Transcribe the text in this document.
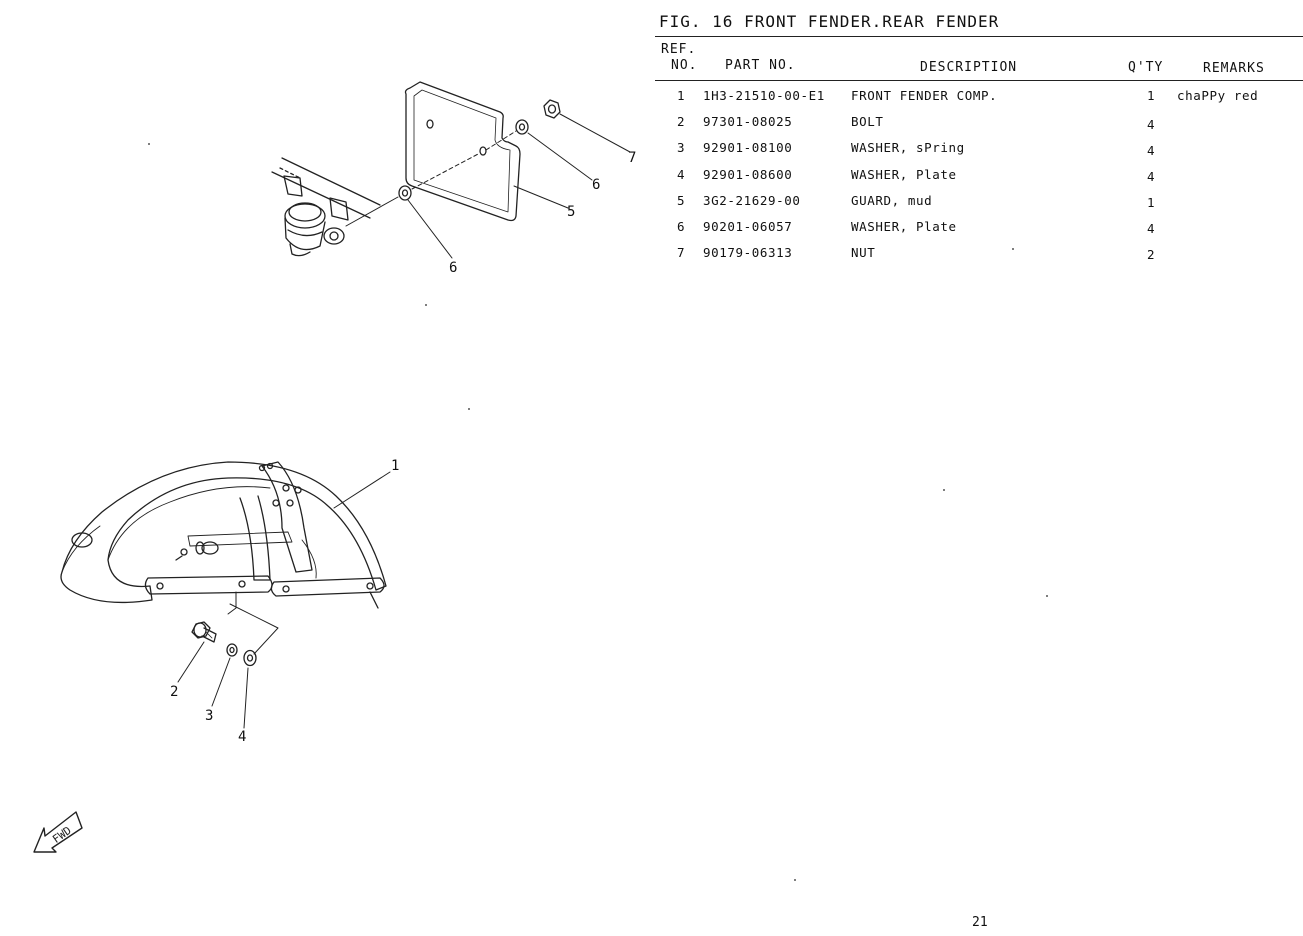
7
6
5
6
1
2
3
4
FWD
FIG. 16 FRONT FENDER.REAR FENDER
REF.
NO. PART NO.	DESCRIPTION	Q'TY	REMARKS
1 1H3-21510-00-E1 FRONT FENDER COMP.	1 chaPPy red
2 97301-08025	BOLT	4
3 92901-08100	WASHER, sPring	4
4 92901-08600	WASHER, Plate	4
5 3G2-21629-00	GUARD, mud	1
6 90201-06057	WASHER, Plate	4
7 90179-06313	NUT	2
21
